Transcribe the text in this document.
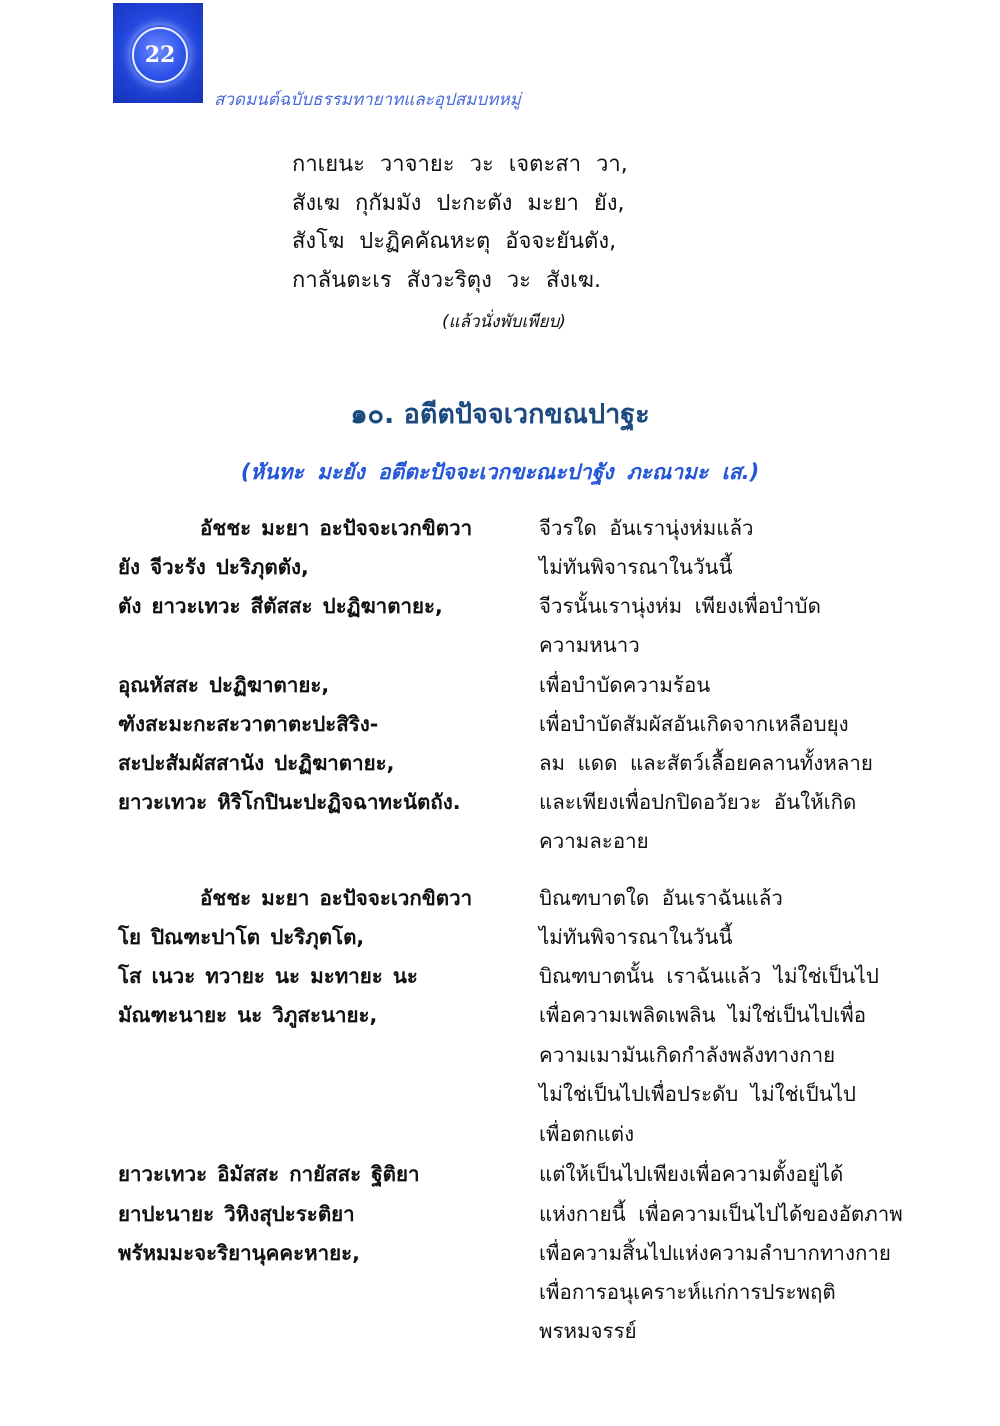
22
สวดมนต์ฉบับธรรมทายาทและอุปสมบทหมู่
กาเยนะ วาจายะ วะ เจตะสา วา,
สังเฆ กุกัมมัง ปะกะตัง มะยา ยัง,
สังโฆ ปะฏิคคัณหะตุ อัจจะยันตัง,
กาลันตะเร สังวะริตุง วะ สังเฆ.
(แล้วนั่งพับเพียบ)
๑๐. อตีตปัจจเวกขณปาฐะ
(หันทะ มะยัง อตีตะปัจจะเวกขะณะปาฐัง ภะณามะ เส.)
อัชชะ มะยา อะปัจจะเวกขิตวา
ยัง จีวะรัง ปะริภุตตัง,
ตัง ยาวะเทวะ สีตัสสะ ปะฏิฆาตายะ,
อุณหัสสะ ปะฏิฆาตายะ,
ฑังสะมะกะสะวาตาตะปะสิริง-
สะปะสัมผัสสานัง ปะฏิฆาตายะ,
ยาวะเทวะ หิริโกปินะปะฏิจฉาทะนัตถัง.
อัชชะ มะยา อะปัจจะเวกขิตวา
โย ปิณฑะปาโต ปะริภุตโต,
โส เนวะ ทวายะ นะ มะทายะ นะ
มัณฑะนายะ นะ วิภูสะนายะ,
ยาวะเทวะ อิมัสสะ กายัสสะ ฐิติยา
ยาปะนายะ วิหิงสุปะระติยา
พรัหมมะจะริยานุคคะหายะ,
จีวรใด อันเรานุ่งห่มแล้ว
ไม่ทันพิจารณาในวันนี้
จีวรนั้นเรานุ่งห่ม เพียงเพื่อบำบัด
ความหนาว
เพื่อบำบัดความร้อน
เพื่อบำบัดสัมผัสอันเกิดจากเหลือบยุง
ลม แดด และสัตว์เลื้อยคลานทั้งหลาย
และเพียงเพื่อปกปิดอวัยวะ อันให้เกิด
ความละอาย
บิณฑบาตใด อันเราฉันแล้ว
ไม่ทันพิจารณาในวันนี้
บิณฑบาตนั้น เราฉันแล้ว ไม่ใช่เป็นไป
เพื่อความเพลิดเพลิน ไม่ใช่เป็นไปเพื่อ
ความเมามันเกิดกำลังพลังทางกาย
ไม่ใช่เป็นไปเพื่อประดับ ไม่ใช่เป็นไป
เพื่อตกแต่ง
แต่ให้เป็นไปเพียงเพื่อความตั้งอยู่ได้
แห่งกายนี้ เพื่อความเป็นไปได้ของอัตภาพ
เพื่อความสิ้นไปแห่งความลำบากทางกาย
เพื่อการอนุเคราะห์แก่การประพฤติ
พรหมจรรย์
